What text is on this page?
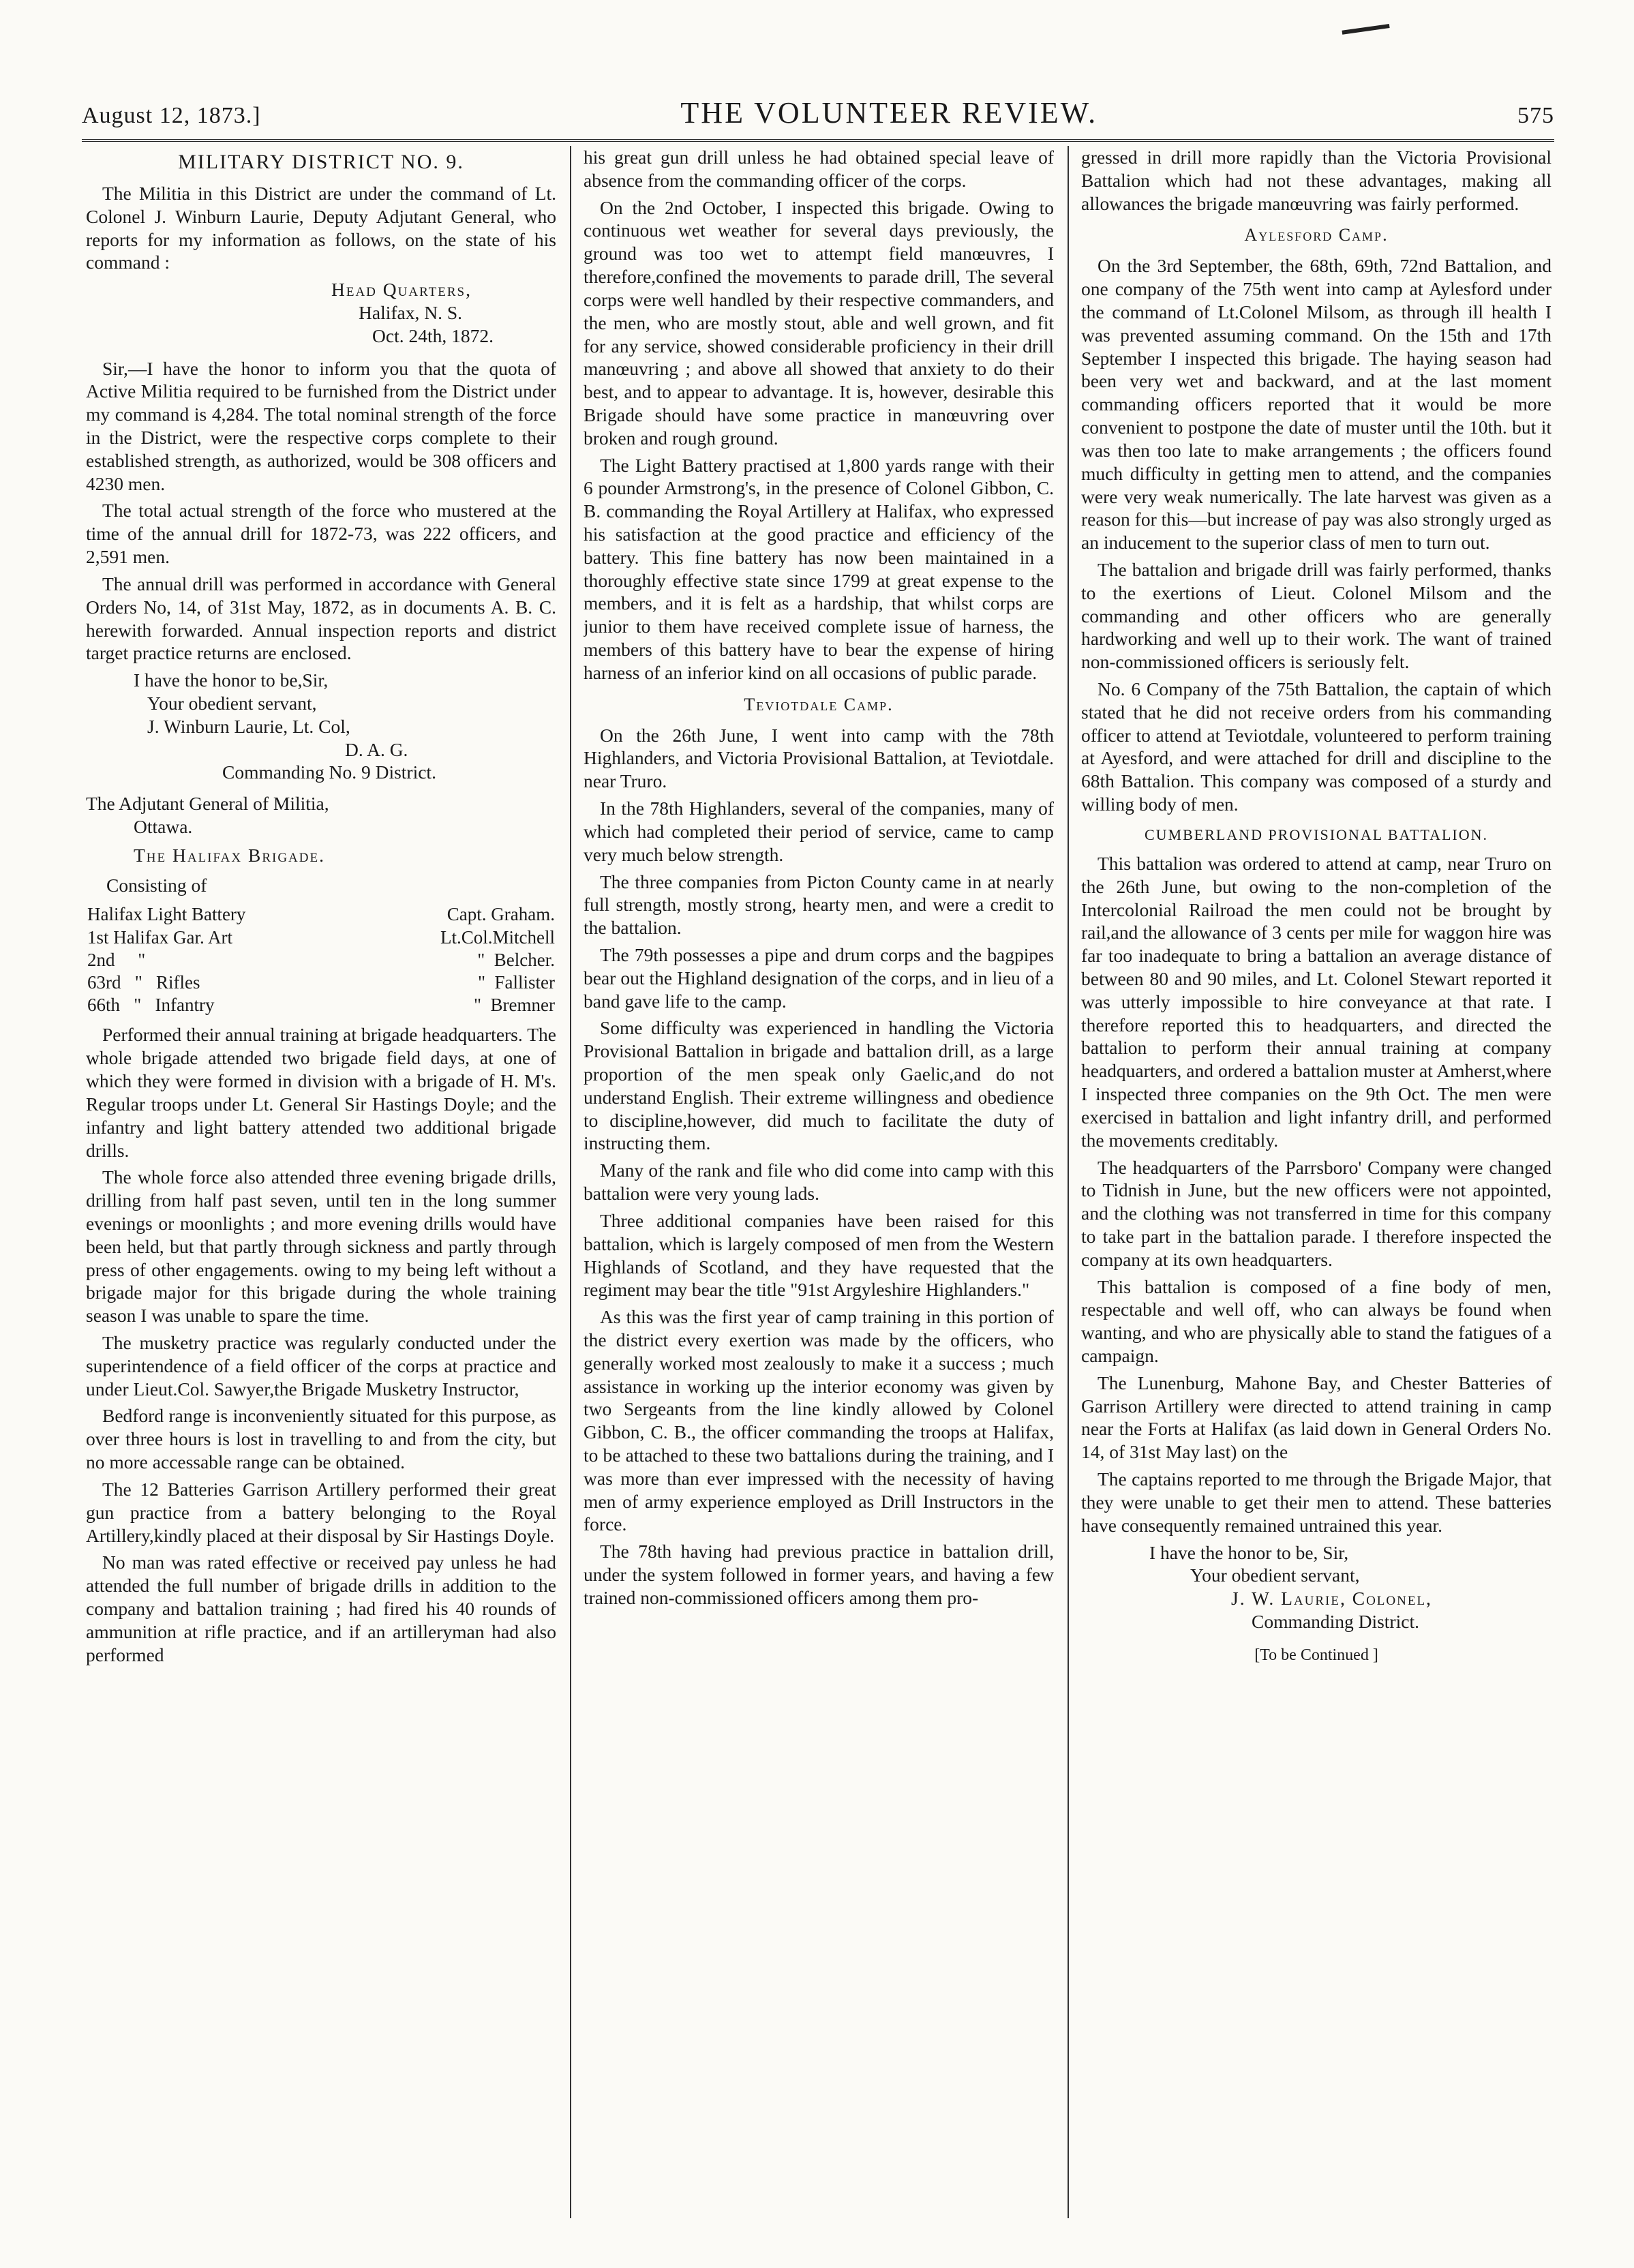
August 12, 1873.]	THE VOLUNTEER REVIEW.	575

MILITARY DISTRICT NO. 9.

The Militia in this District are under the command of Lt. Colonel J. Winburn Laurie, Deputy Adjutant General, who reports for my information as follows, on the state of his command :

Head Quarters,

Halifax, N. S.

Oct. 24th, 1872.

Sir,—I have the honor to inform you that the quota of Active Militia required to be furnished from the District under my command is 4,284. The total nominal strength of the force in the District, were the respective corps complete to their established strength, as authorized, would be 308 officers and 4230 men.

The total actual strength of the force who mustered at the time of the annual drill for 1872-73, was 222 officers, and 2,591 men.

The annual drill was performed in accordance with General Orders No, 14, of 31st May, 1872, as in documents A. B. C. herewith forwarded. Annual inspection reports and district target practice returns are enclosed.

I have the honor to be,Sir,

Your obedient servant,

J. Winburn Laurie, Lt. Col,

D. A. G.

Commanding No. 9 District.

The Adjutant General of Militia,

Ottawa.

The Halifax Brigade.

Consisting of

Halifax Light Battery		Capt. Graham.
1st Halifax Gar. Art		Lt.Col.Mitchell
2nd     "		"  Belcher.
63rd   "   Rifles		"  Fallister
66th   "   Infantry		"  Bremner

Performed their annual training at brigade headquarters. The whole brigade attended two brigade field days, at one of which they were formed in division with a brigade of H. M's. Regular troops under Lt. General Sir Hastings Doyle; and the infantry and light battery attended two additional brigade drills.

The whole force also attended three evening brigade drills, drilling from half past seven, until ten in the long summer evenings or moonlights ; and more evening drills would have been held, but that partly through sickness and partly through press of other engagements. owing to my being left without a brigade major for this brigade during the whole training season I was unable to spare the time.

The musketry practice was regularly conducted under the superintendence of a field officer of the corps at practice and under Lieut.Col. Sawyer,the Brigade Musketry Instructor,

Bedford range is inconveniently situated for this purpose, as over three hours is lost in travelling to and from the city, but no more accessable range can be obtained.

The 12 Batteries Garrison Artillery performed their great gun practice from a battery belonging to the Royal Artillery,kindly placed at their disposal by Sir Hastings Doyle.

No man was rated effective or received pay unless he had attended the full number of brigade drills in addition to the company and battalion training ; had fired his 40 rounds of ammunition at rifle practice, and if an artilleryman had also performed

his great gun drill unless he had obtained special leave of absence from the commanding officer of the corps.

On the 2nd October, I inspected this brigade. Owing to continuous wet weather for several days previously, the ground was too wet to attempt field manœuvres, I therefore,confined the movements to parade drill, The several corps were well handled by their respective commanders, and the men, who are mostly stout, able and well grown, and fit for any service, showed considerable proficiency in their drill manœuvring ; and above all showed that anxiety to do their best, and to appear to advantage. It is, however, desirable this Brigade should have some practice in manœuvring over broken and rough ground.

The Light Battery practised at 1,800 yards range with their 6 pounder Armstrong's, in the presence of Colonel Gibbon, C. B. commanding the Royal Artillery at Halifax, who expressed his satisfaction at the good practice and efficiency of the battery. This fine battery has now been maintained in a thoroughly effective state since 1799 at great expense to the members, and it is felt as a hardship, that whilst corps are junior to them have received complete issue of harness, the members of this battery have to bear the expense of hiring harness of an inferior kind on all occasions of public parade.

Teviotdale Camp.

On the 26th June, I went into camp with the 78th Highlanders, and Victoria Provisional Battalion, at Teviotdale. near Truro.

In the 78th Highlanders, several of the companies, many of which had completed their period of service, came to camp very much below strength.

The three companies from Picton County came in at nearly full strength, mostly strong, hearty men, and were a credit to the battalion.

The 79th possesses a pipe and drum corps and the bagpipes bear out the Highland designation of the corps, and in lieu of a band gave life to the camp.

Some difficulty was experienced in handling the Victoria Provisional Battalion in brigade and battalion drill, as a large proportion of the men speak only Gaelic,and do not understand English. Their extreme willingness and obedience to discipline,however, did much to facilitate the duty of instructing them.

Many of the rank and file who did come into camp with this battalion were very young lads.

Three additional companies have been raised for this battalion, which is largely composed of men from the Western Highlands of Scotland, and they have requested that the regiment may bear the title "91st Argyleshire Highlanders."

As this was the first year of camp training in this portion of the district every exertion was made by the officers, who generally worked most zealously to make it a success ; much assistance in working up the interior economy was given by two Sergeants from the line kindly allowed by Colonel Gibbon, C. B., the officer commanding the troops at Halifax, to be attached to these two battalions during the training, and I was more than ever impressed with the necessity of having men of army experience employed as Drill Instructors in the force.

The 78th having had previous practice in battalion drill, under the system followed in former years, and having a few trained non-commissioned officers among them pro-

gressed in drill more rapidly than the Victoria Provisional Battalion which had not these advantages, making all allowances the brigade manœuvring was fairly performed.

Aylesford Camp.

On the 3rd September, the 68th, 69th, 72nd Battalion, and one company of the 75th went into camp at Aylesford under the command of Lt.Colonel Milsom, as through ill health I was prevented assuming command. On the 15th and 17th September I inspected this brigade. The haying season had been very wet and backward, and at the last moment commanding officers reported that it would be more convenient to postpone the date of muster until the 10th. but it was then too late to make arrangements ; the officers found much difficulty in getting men to attend, and the companies were very weak numerically. The late harvest was given as a reason for this—but increase of pay was also strongly urged as an inducement to the superior class of men to turn out.

The battalion and brigade drill was fairly performed, thanks to the exertions of Lieut. Colonel Milsom and the commanding and other officers who are generally hardworking and well up to their work. The want of trained non-commissioned officers is seriously felt.

No. 6 Company of the 75th Battalion, the captain of which stated that he did not receive orders from his commanding officer to attend at Teviotdale, volunteered to perform training at Ayesford, and were attached for drill and discipline to the 68th Battalion. This company was composed of a sturdy and willing body of men.

CUMBERLAND PROVISIONAL BATTALION.

This battalion was ordered to attend at camp, near Truro on the 26th June, but owing to the non-completion of the Intercolonial Railroad the men could not be brought by rail,and the allowance of 3 cents per mile for waggon hire was far too inadequate to bring a battalion an average distance of between 80 and 90 miles, and Lt. Colonel Stewart reported it was utterly impossible to hire conveyance at that rate. I therefore reported this to headquarters, and directed the battalion to perform their annual training at company headquarters, and ordered a battalion muster at Amherst,where I inspected three companies on the 9th Oct. The men were exercised in battalion and light infantry drill, and performed the movements creditably.

The headquarters of the Parrsboro' Company were changed to Tidnish in June, but the new officers were not appointed, and the clothing was not transferred in time for this company to take part in the battalion parade. I therefore inspected the company at its own headquarters.

This battalion is composed of a fine body of men, respectable and well off, who can always be found when wanting, and who are physically able to stand the fatigues of a campaign.

The Lunenburg, Mahone Bay, and Chester Batteries of Garrison Artillery were directed to attend training in camp near the Forts at Halifax (as laid down in General Orders No. 14, of 31st May last) on the

The captains reported to me through the Brigade Major, that they were unable to get their men to attend. These batteries have consequently remained untrained this year.

I have the honor to be, Sir,

Your obedient servant,

J. W. Laurie, Colonel,

Commanding District.

[To be Continued ]
